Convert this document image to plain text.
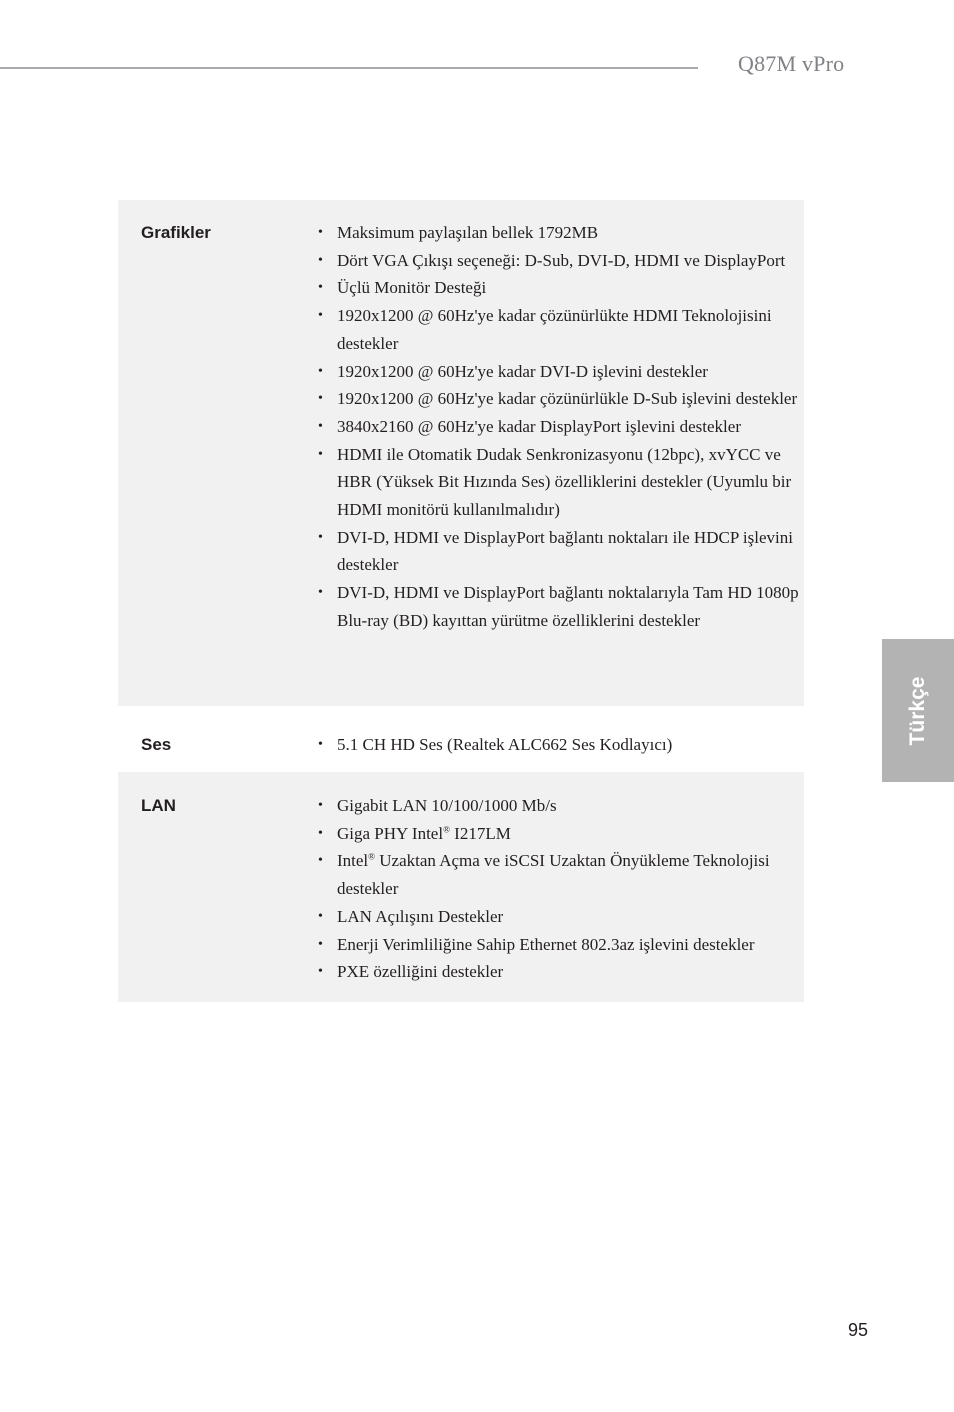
Q87M vPro
Grafikler	• Maksimum paylaşılan bellek 1792MB
• Dört VGA Çıkışı seçeneği: D-Sub, DVI-D, HDMI ve DisplayPort
• Üçlü Monitör Desteği
• 1920x1200 @ 60Hz'ye kadar çözünürlükte HDMI Teknolojisini destekler
• 1920x1200 @ 60Hz'ye kadar DVI-D işlevini destekler
• 1920x1200 @ 60Hz'ye kadar çözünürlükle D-Sub işlevini destekler
• 3840x2160 @ 60Hz'ye kadar DisplayPort işlevini destekler
• HDMI ile Otomatik Dudak Senkronizasyonu (12bpc), xvYCC ve HBR (Yüksek Bit Hızında Ses) özelliklerini destekler (Uyumlu bir HDMI monitörü kullanılmalıdır)
• DVI-D, HDMI ve DisplayPort bağlantı noktaları ile HDCP işlevini destekler
• DVI-D, HDMI ve DisplayPort bağlantı noktalarıyla Tam HD 1080p Blu-ray (BD) kayıttan yürütme özelliklerini destekler
Ses	• 5.1 CH HD Ses (Realtek ALC662 Ses Kodlayıcı)
LAN	• Gigabit LAN 10/100/1000 Mb/s
• Giga PHY Intel® I217LM
• Intel® Uzaktan Açma ve iSCSI Uzaktan Önyükleme Teknolojisi destekler
• LAN Açılışını Destekler
• Enerji Verimliliğine Sahip Ethernet 802.3az işlevini destekler
• PXE özelliğini destekler
Türkçe
95
